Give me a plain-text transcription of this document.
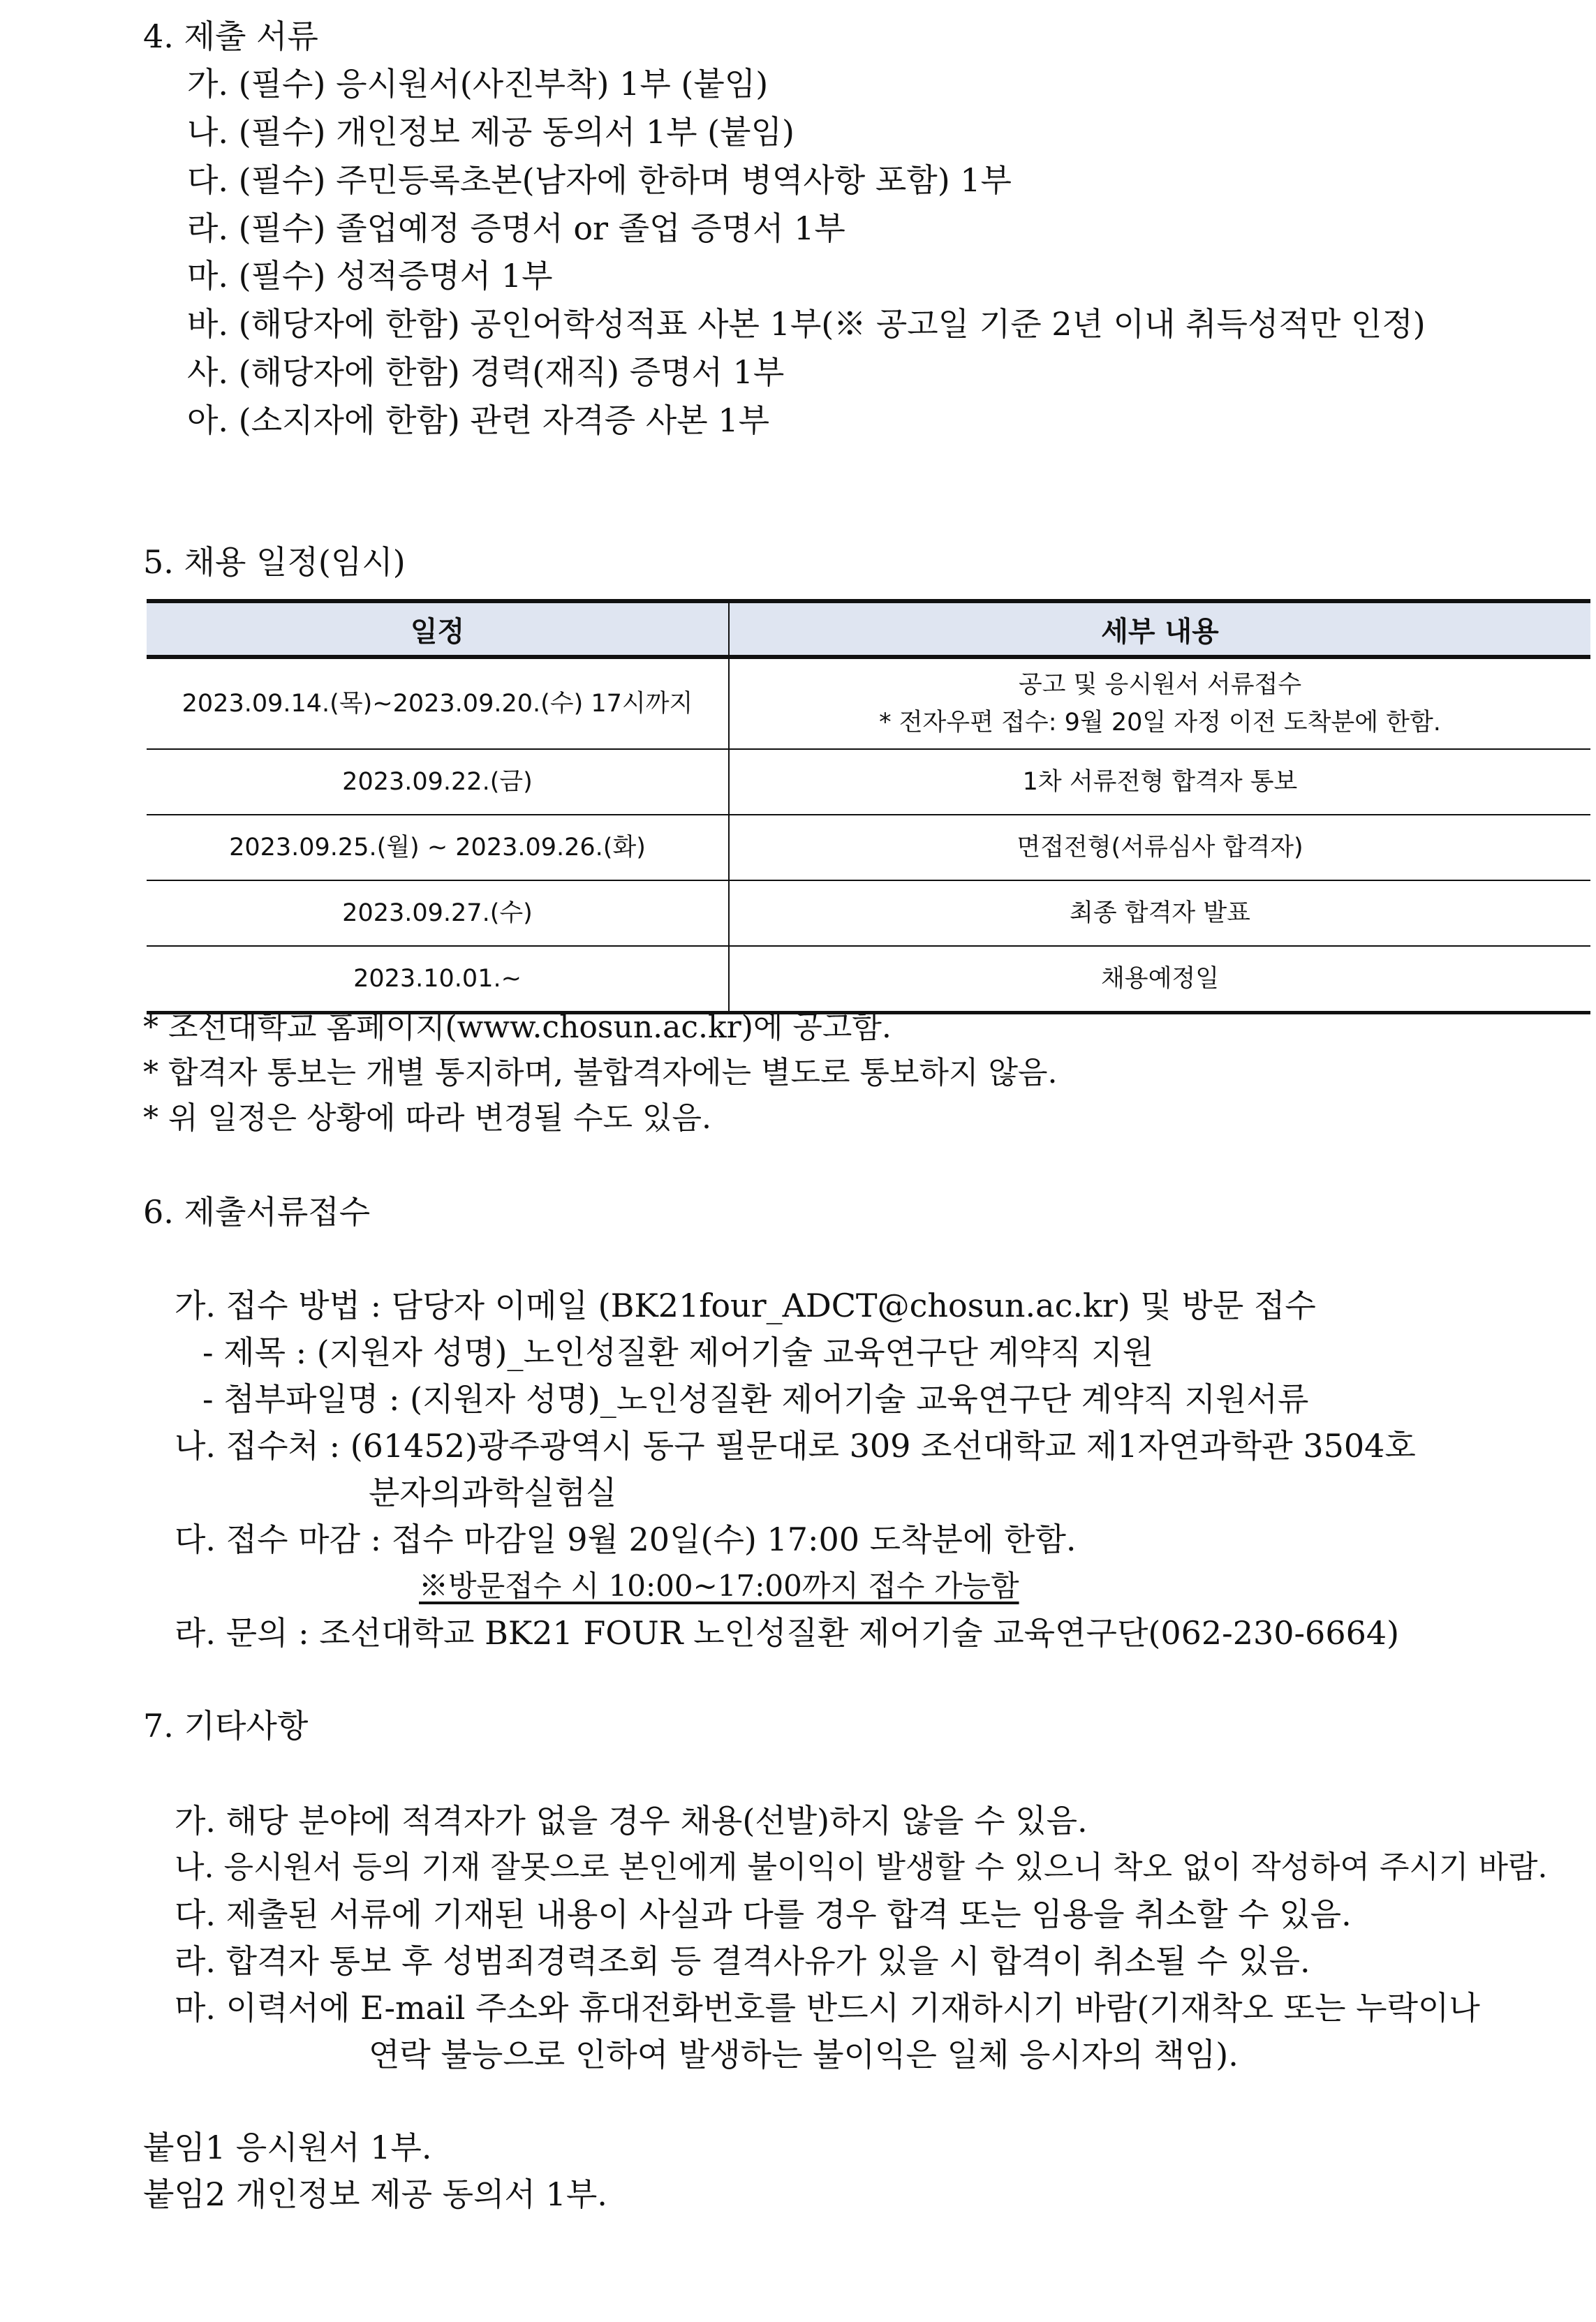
4. 제출 서류
가. (필수) 응시원서(사진부착) 1부 (붙임)
나. (필수) 개인정보 제공 동의서 1부 (붙임)
다. (필수) 주민등록초본(남자에 한하며 병역사항 포함) 1부
라. (필수) 졸업예정 증명서 or 졸업 증명서 1부
마. (필수) 성적증명서 1부
바. (해당자에 한함) 공인어학성적표 사본 1부(※ 공고일 기준 2년 이내 취득성적만 인정)
사. (해당자에 한함) 경력(재직) 증명서 1부
아. (소지자에 한함) 관련 자격증 사본 1부
5. 채용 일정(임시)
일정	세부 내용
2023.09.14.(목)~2023.09.20.(수) 17시까지	공고 및 응시원서 서류접수
* 전자우편 접수: 9월 20일 자정 이전 도착분에 한함.

2023.09.22.(금)	1차 서류전형 합격자 통보
2023.09.25.(월) ~ 2023.09.26.(화)	면접전형(서류심사 합격자)
2023.09.27.(수)	최종 합격자 발표
2023.10.01.~	채용예정일
* 조선대학교 홈페이지(www.chosun.ac.kr)에 공고함.
* 합격자 통보는 개별 통지하며, 불합격자에는 별도로 통보하지 않음.
* 위 일정은 상황에 따라 변경될 수도 있음.
6. 제출서류접수
가. 접수 방법 : 담당자 이메일 (BK21four_ADCT@chosun.ac.kr) 및 방문 접수
- 제목 : (지원자 성명)_노인성질환 제어기술 교육연구단 계약직 지원
- 첨부파일명 : (지원자 성명)_노인성질환 제어기술 교육연구단 계약직 지원서류
나. 접수처 : (61452)광주광역시 동구 필문대로 309 조선대학교 제1자연과학관 3504호
분자의과학실험실
다. 접수 마감 : 접수 마감일 9월 20일(수) 17:00 도착분에 한함.
※방문접수 시 10:00~17:00까지 접수 가능함
라. 문의 : 조선대학교 BK21 FOUR 노인성질환 제어기술 교육연구단(062-230-6664)
7. 기타사항
가. 해당 분야에 적격자가 없을 경우 채용(선발)하지 않을 수 있음.
나. 응시원서 등의 기재 잘못으로 본인에게 불이익이 발생할 수 있으니 착오 없이 작성하여 주시기 바람.
다. 제출된 서류에 기재된 내용이 사실과 다를 경우 합격 또는 임용을 취소할 수 있음.
라. 합격자 통보 후 성범죄경력조회 등 결격사유가 있을 시 합격이 취소될 수 있음.
마. 이력서에 E-mail 주소와 휴대전화번호를 반드시 기재하시기 바람(기재착오 또는 누락이나
연락 불능으로 인하여 발생하는 불이익은 일체 응시자의 책임).
붙임1 응시원서 1부.
붙임2 개인정보 제공 동의서 1부.
